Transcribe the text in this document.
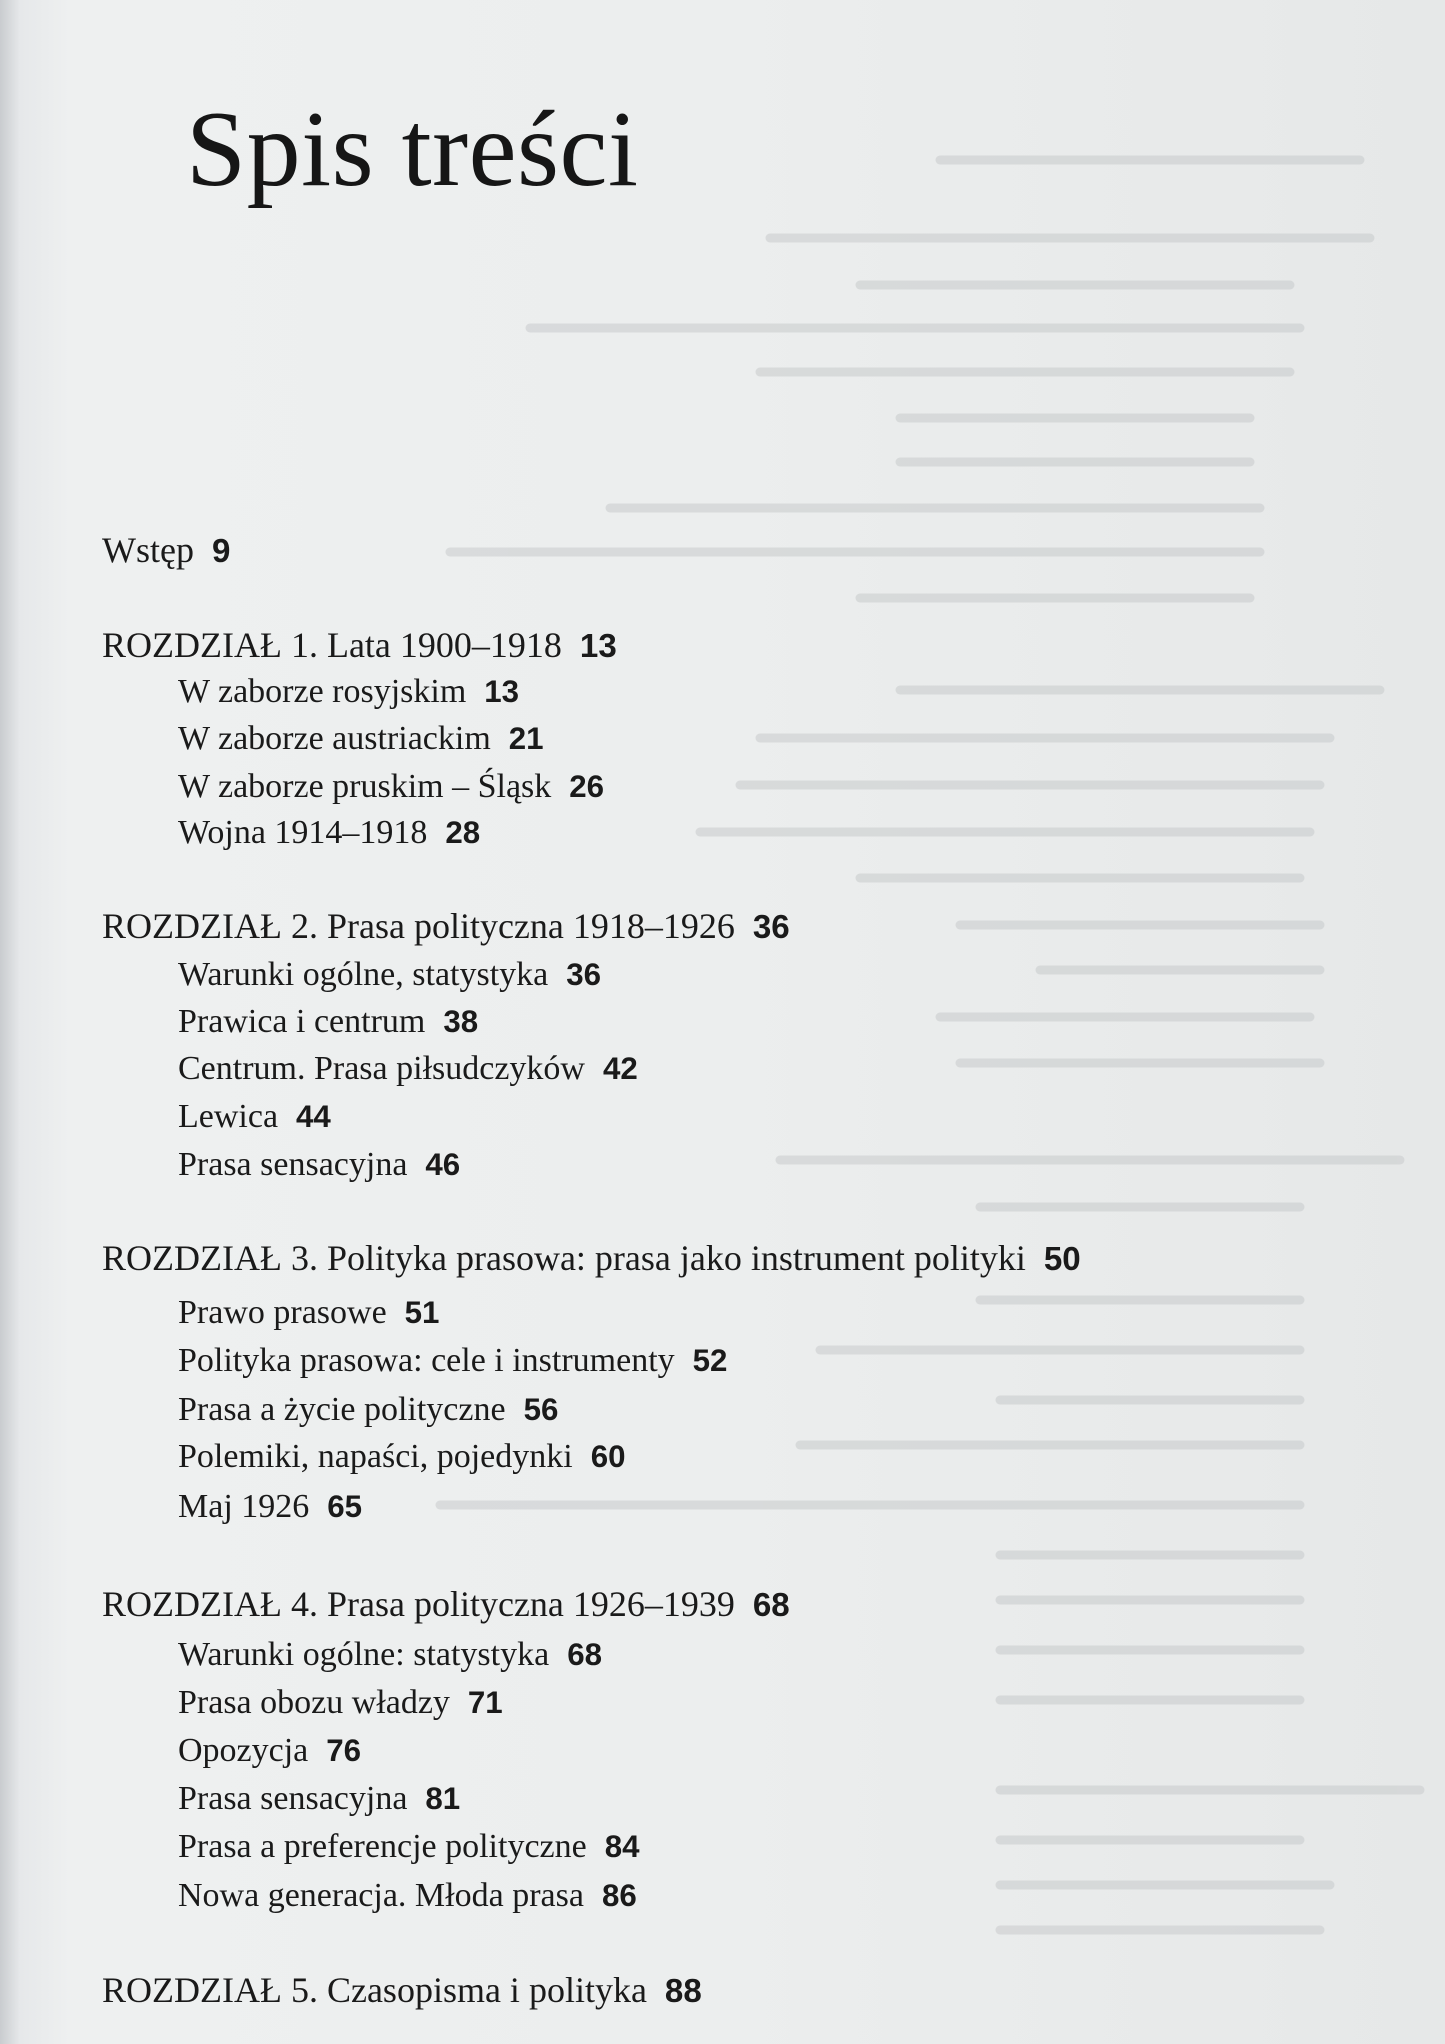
Spis treści
Wstęp 9
ROZDZIAŁ 1. Lata 1900–1918 13
W zaborze rosyjskim 13
W zaborze austriackim 21
W zaborze pruskim – Śląsk 26
Wojna 1914–1918 28
ROZDZIAŁ 2. Prasa polityczna 1918–1926 36
Warunki ogólne, statystyka 36
Prawica i centrum 38
Centrum. Prasa piłsudczyków 42
Lewica 44
Prasa sensacyjna 46
ROZDZIAŁ 3. Polityka prasowa: prasa jako instrument polityki 50
Prawo prasowe 51
Polityka prasowa: cele i instrumenty 52
Prasa a życie polityczne 56
Polemiki, napaści, pojedynki 60
Maj 1926 65
ROZDZIAŁ 4. Prasa polityczna 1926–1939 68
Warunki ogólne: statystyka 68
Prasa obozu władzy 71
Opozycja 76
Prasa sensacyjna 81
Prasa a preferencje polityczne 84
Nowa generacja. Młoda prasa 86
ROZDZIAŁ 5. Czasopisma i polityka 88
